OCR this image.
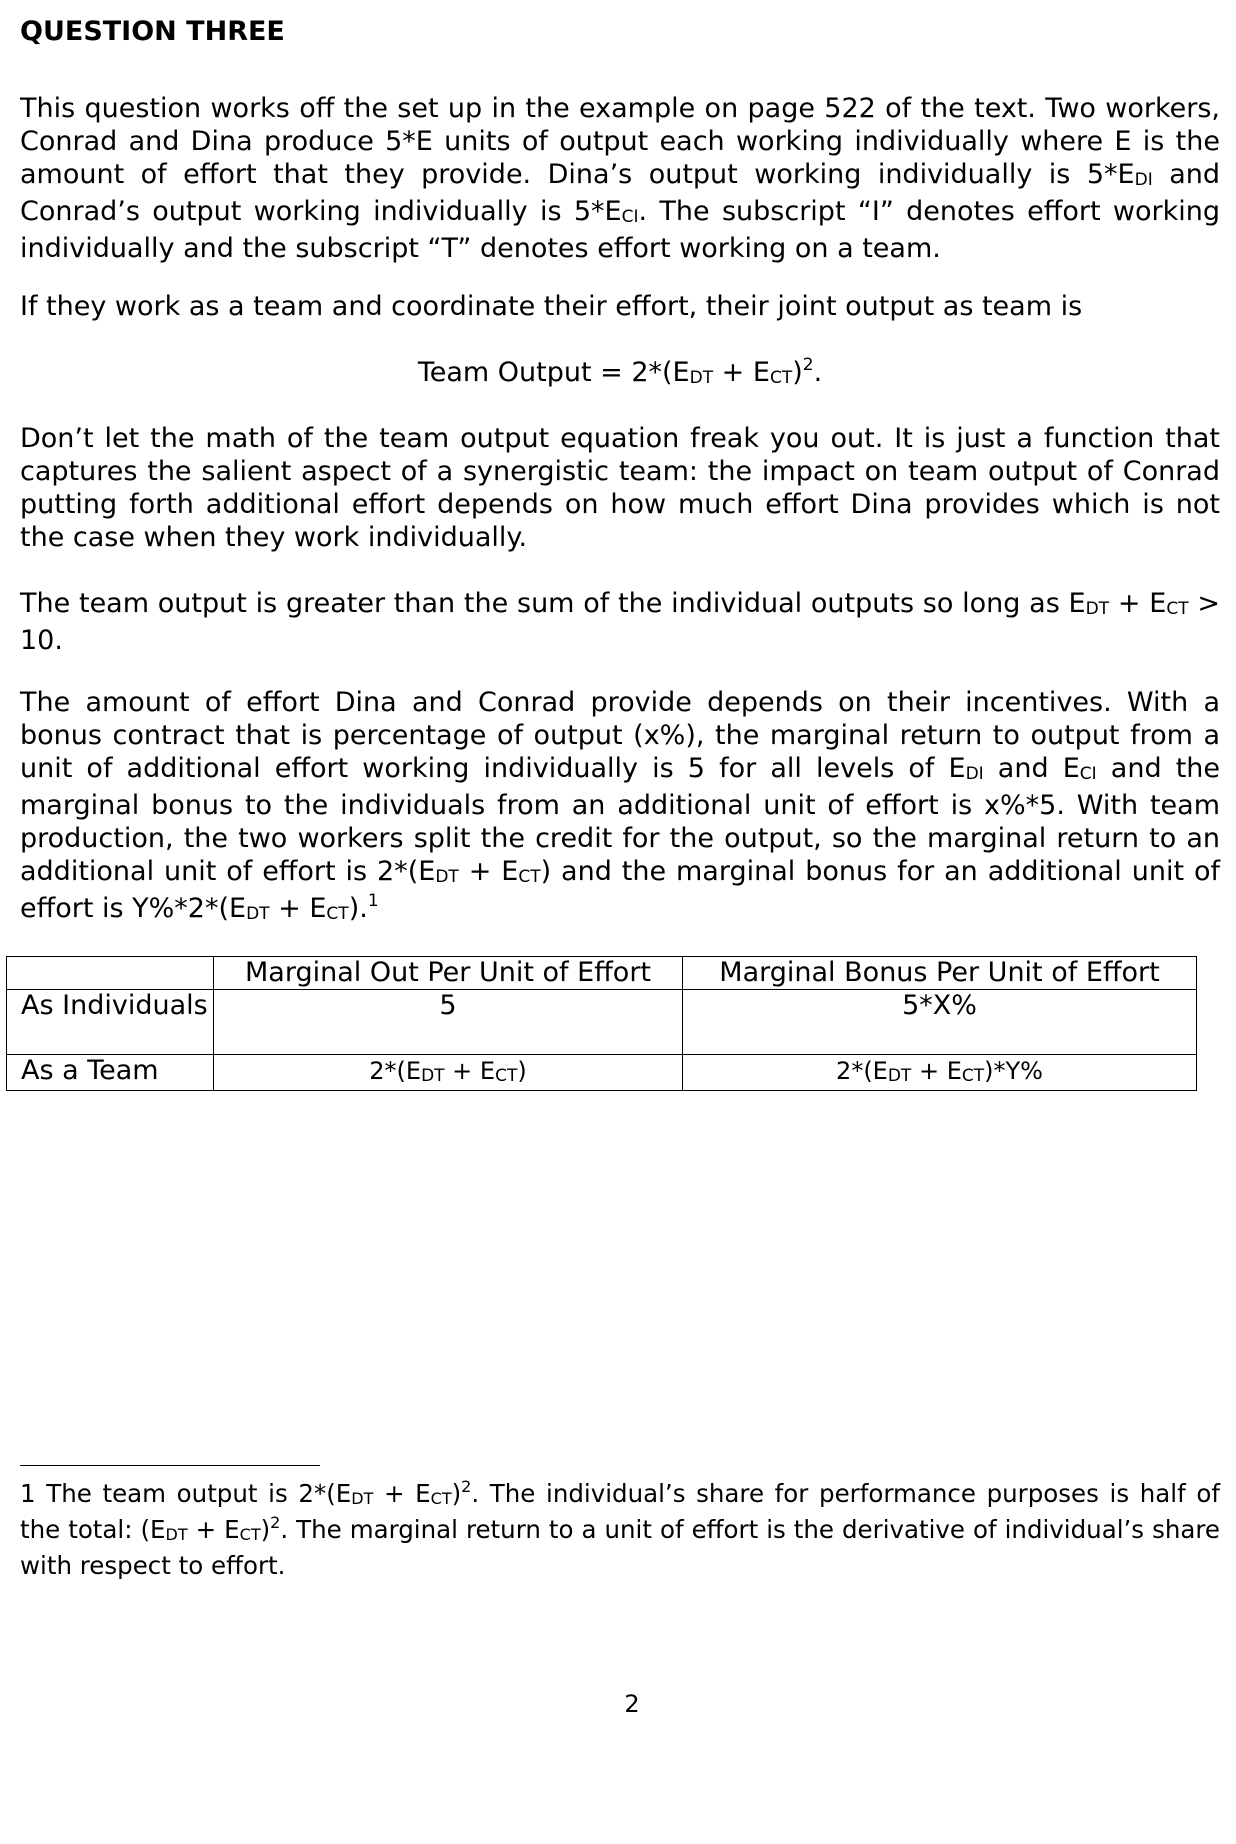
QUESTION THREE

This question works off the set up in the example on page 522 of the text. Two workers, Conrad and Dina produce 5*E units of output each working individually where E is the amount of effort that they provide. Dina’s output working individually is $5*E_{DI}$ and Conrad’s output working individually is $5*E_{CI}$. The subscript “I” denotes effort working individually and the subscript “T” denotes effort working on a team.

If they work as a team and coordinate their effort, their joint output as team is

Team Output = $2*(E_{DT} + E_{CT})^2$.

Don’t let the math of the team output equation freak you out. It is just a function that captures the salient aspect of a synergistic team: the impact on team output of Conrad putting forth additional effort depends on how much effort Dina provides which is not the case when they work individually.

The team output is greater than the sum of the individual outputs so long as $E_{DT} + E_{CT} > 10$.

The amount of effort Dina and Conrad provide depends on their incentives. With a bonus contract that is percentage of output (x%), the marginal return to output from a unit of additional effort working individually is 5 for all levels of $E_{DI}$ and $E_{CI}$ and the marginal bonus to the individuals from an additional unit of effort is x%*5. With team production, the two workers split the credit for the output, so the marginal return to an additional unit of effort is $2*(E_{DT} + E_{CT})$ and the marginal bonus for an additional unit of effort is $Y\%*2*(E_{DT} + E_{CT}).^1$

	Marginal Out Per Unit of Effort	Marginal Bonus Per Unit of Effort
As Individuals	5	5*X%
As a Team	$2*(E_{DT} + E_{CT})$	$2*(E_{DT} + E_{CT})*Y\%$

1 The team output is $2*(E_{DT} + E_{CT})^2$. The individual’s share for performance purposes is half of the total: $(E_{DT} + E_{CT})^2$. The marginal return to a unit of effort is the derivative of individual’s share with respect to effort.

2
